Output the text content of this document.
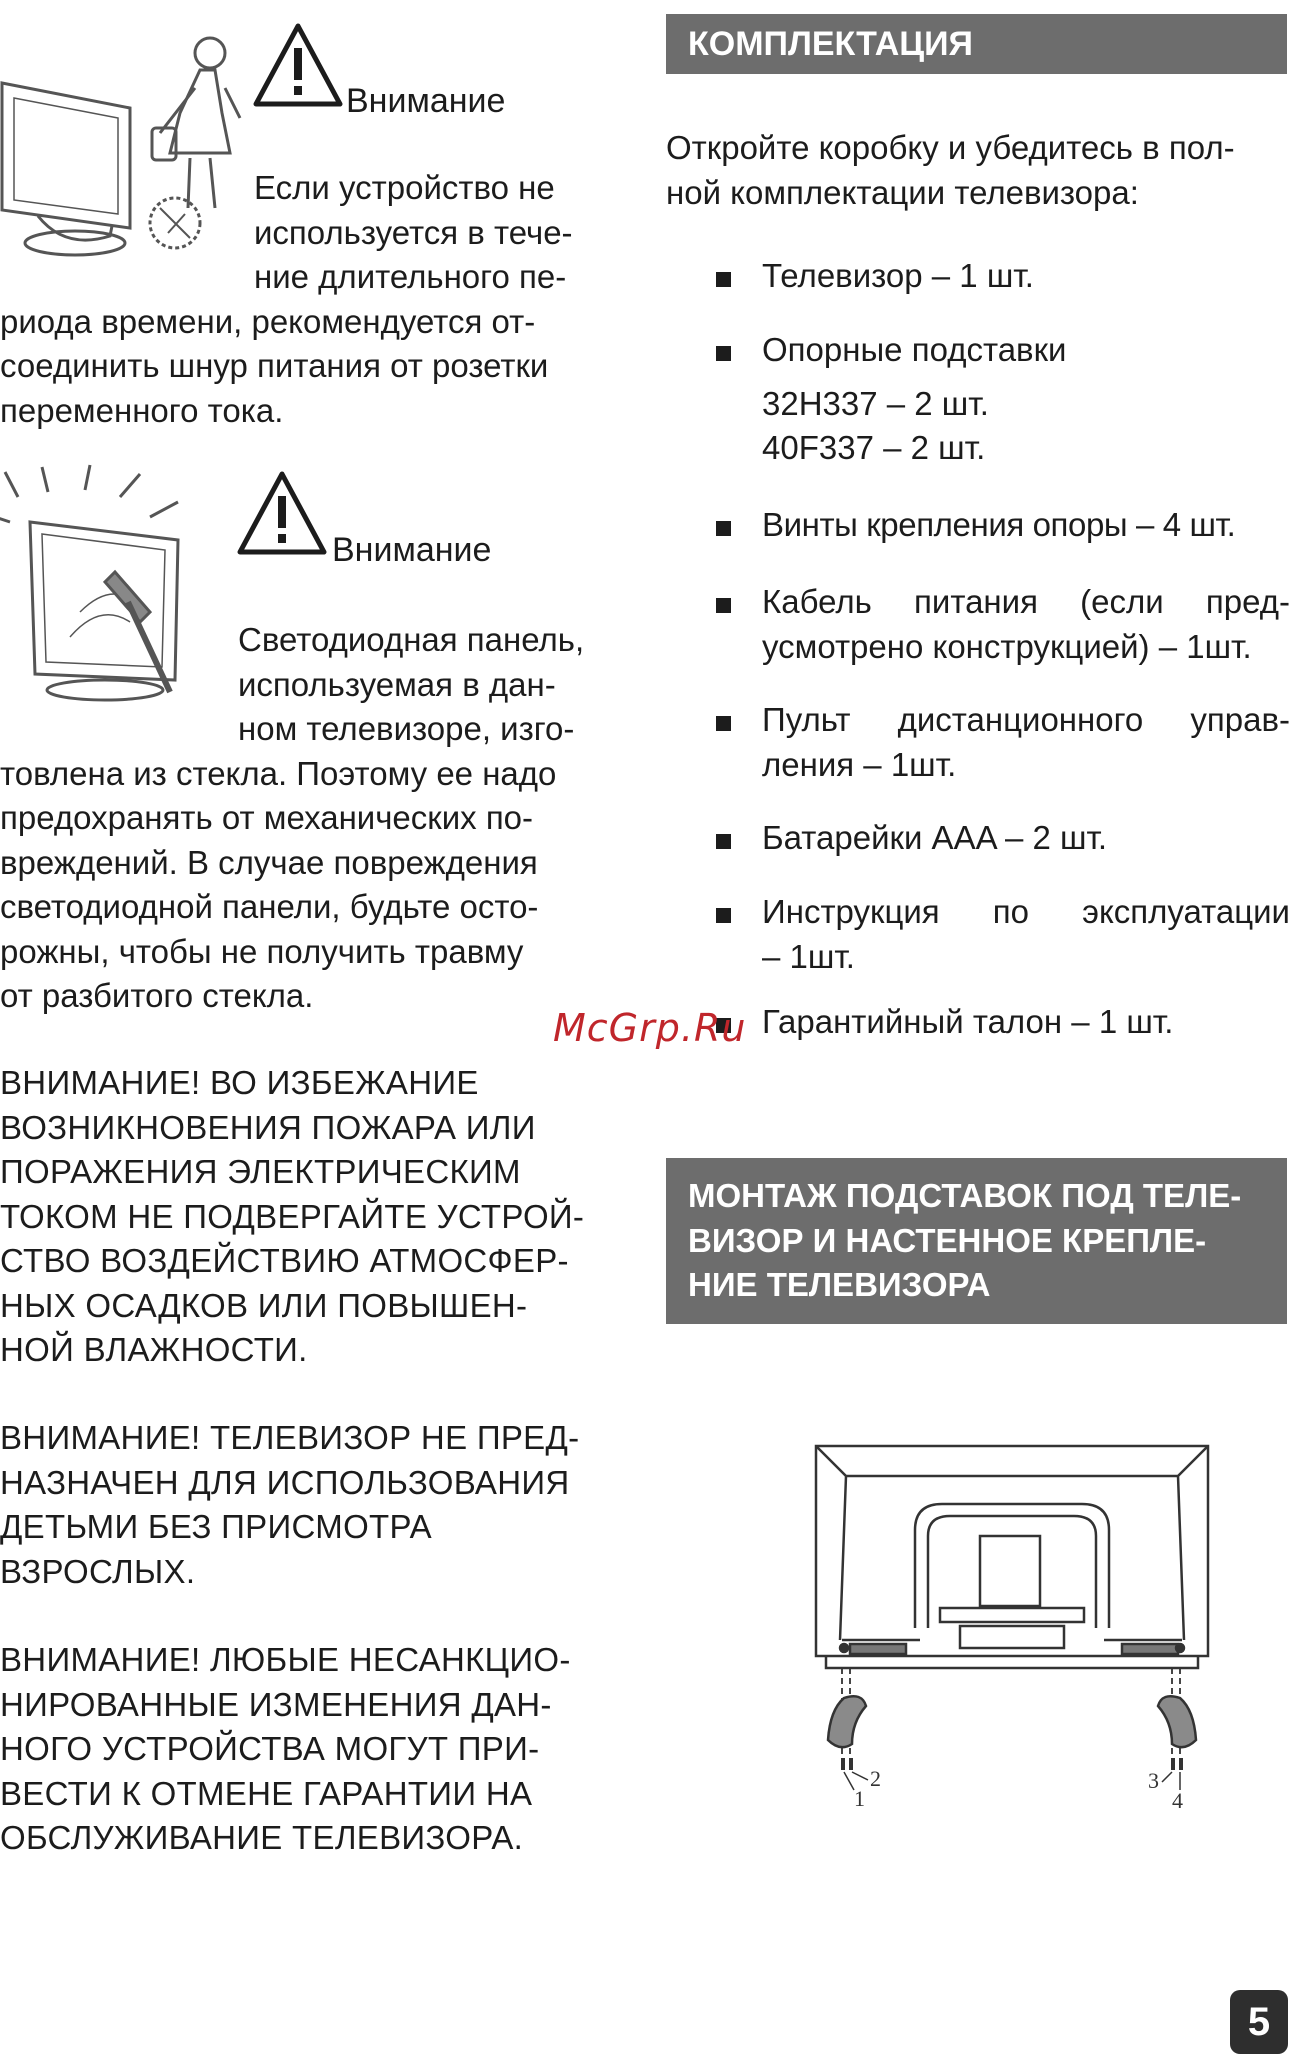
Внимание
Если устройство не
используется в тече-
ние длительного пе-
риода времени, рекомендуется от-
соединить шнур питания от розетки
переменного тока.
Внимание
Светодиодная панель,
используемая в дан-
ном телевизоре, изго-
товлена из стекла. Поэтому ее надо
предохранять от механических по-
вреждений. В случае повреждения
светодиодной панели, будьте осто-
рожны, чтобы не получить травму
от разбитого стекла.
ВНИМАНИЕ! ВО ИЗБЕЖАНИЕ
ВОЗНИКНОВЕНИЯ ПОЖАРА ИЛИ
ПОРАЖЕНИЯ ЭЛЕКТРИЧЕСКИМ
ТОКОМ НЕ ПОДВЕРГАЙТЕ УСТРОЙ-
СТВО ВОЗДЕЙСТВИЮ АТМОСФЕР-
НЫХ ОСАДКОВ ИЛИ ПОВЫШЕН-
НОЙ ВЛАЖНОСТИ.
ВНИМАНИЕ! ТЕЛЕВИЗОР НЕ ПРЕД-
НАЗНАЧЕН ДЛЯ ИСПОЛЬЗОВАНИЯ
ДЕТЬМИ БЕЗ ПРИСМОТРА
ВЗРОСЛЫХ.
ВНИМАНИЕ! ЛЮБЫЕ НЕСАНКЦИО-
НИРОВАННЫЕ ИЗМЕНЕНИЯ ДАН-
НОГО УСТРОЙСТВА МОГУТ ПРИ-
ВЕСТИ К ОТМЕНЕ ГАРАНТИИ НА
ОБСЛУЖИВАНИЕ ТЕЛЕВИЗОРА.
КОМПЛЕКТАЦИЯ
Откройте коробку и убедитесь в пол-
ной комплектации телевизора:
Телевизор – 1 шт.
Опорные подставки
32H337 – 2 шт.
40F337 – 2 шт.
Винты крепления опоры – 4 шт.
Кабель питания (если пред-
усмотрено конструкцией) – 1шт.
Пульт дистанционного управ-
ления – 1шт.
Батарейки AAA – 2 шт.
Инструкция по эксплуатации
– 1шт.
Гарантийный талон – 1 шт.
McGrp.Ru
МОНТАЖ ПОДСТАВОК ПОД ТЕЛЕ-
ВИЗОР И НАСТЕННОЕ КРЕПЛЕ-
НИЕ ТЕЛЕВИЗОРА
1
2	3
4
5
